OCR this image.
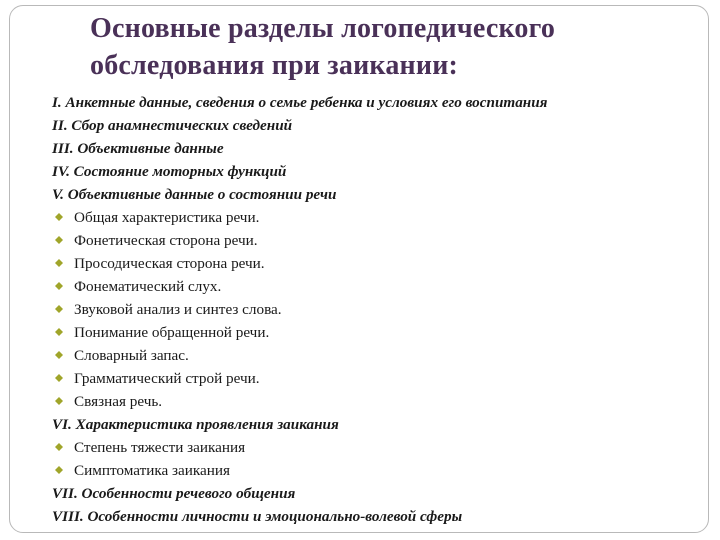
Основные разделы логопедического
обследования при заикании:
I. Анкетные данные, сведения о семье ребенка и условиях его воспитания
II. Сбор анамнестических сведений
III. Объективные данные
IV. Состояние моторных функций
V. Объективные данные о состоянии речи
Общая характеристика речи.
Фонетическая сторона речи.
Просодическая сторона речи.
Фонематический слух.
Звуковой анализ и синтез слова.
Понимание обращенной речи.
Словарный запас.
Грамматический строй речи.
Связная речь.
VI. Характеристика проявления заикания
Степень тяжести заикания
Симптоматика заикания
VII. Особенности речевого общения
VIII. Особенности личности и эмоционально-волевой сферы
